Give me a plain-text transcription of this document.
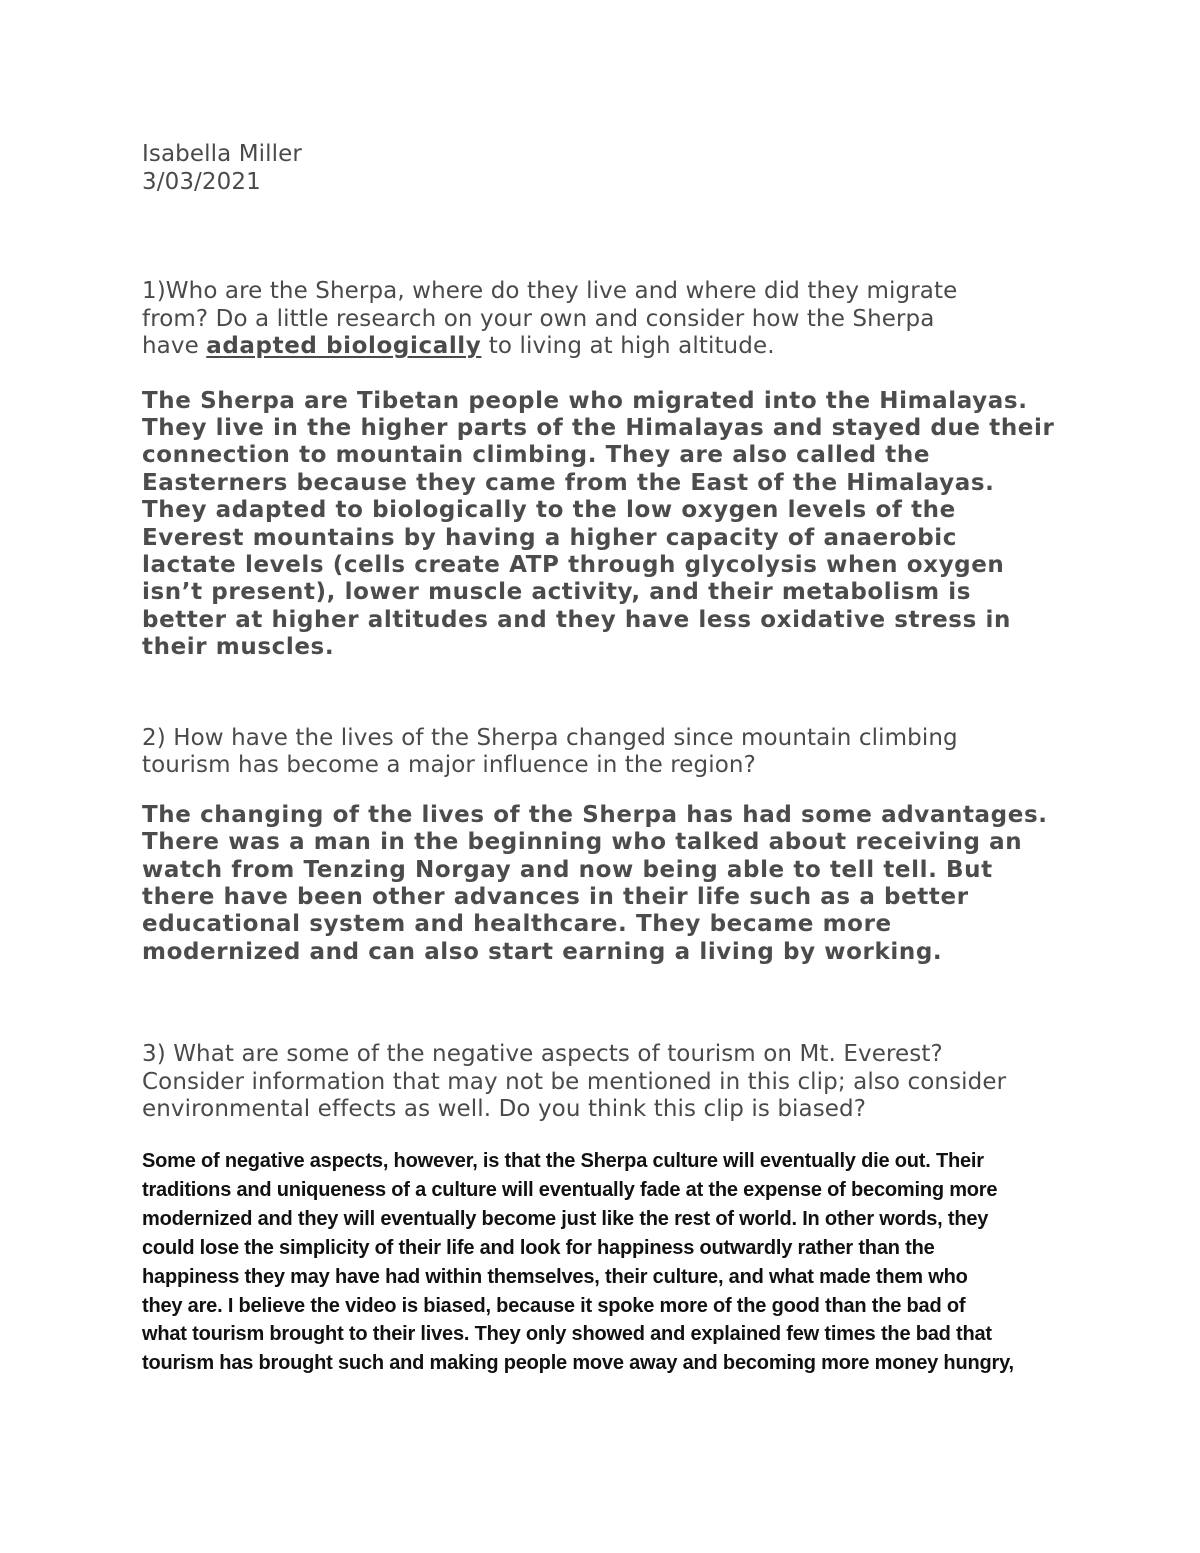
Isabella Miller
3/03/2021
1)Who are the Sherpa, where do they live and where did they migrate
from? Do a little research on your own and consider how the Sherpa
have adapted biologically to living at high altitude.
The Sherpa are Tibetan people who migrated into the Himalayas.
They live in the higher parts of the Himalayas and stayed due their
connection to mountain climbing. They are also called the
Easterners because they came from the East of the Himalayas.
They adapted to biologically to the low oxygen levels of the
Everest mountains by having a higher capacity of anaerobic
lactate levels (cells create ATP through glycolysis when oxygen
isn’t present), lower muscle activity, and their metabolism is
better at higher altitudes and they have less oxidative stress in
their muscles.
2) How have the lives of the Sherpa changed since mountain climbing
tourism has become a major influence in the region?
The changing of the lives of the Sherpa has had some advantages.
There was a man in the beginning who talked about receiving an
watch from Tenzing Norgay and now being able to tell tell. But
there have been other advances in their life such as a better
educational system and healthcare. They became more
modernized and can also start earning a living by working.
3) What are some of the negative aspects of tourism on Mt. Everest?
Consider information that may not be mentioned in this clip; also consider
environmental effects as well. Do you think this clip is biased?
Some of negative aspects, however, is that the Sherpa culture will eventually die out. Their
traditions and uniqueness of a culture will eventually fade at the expense of becoming more
modernized and they will eventually become just like the rest of world. In other words, they
could lose the simplicity of their life and look for happiness outwardly rather than the
happiness they may have had within themselves, their culture, and what made them who
they are. I believe the video is biased, because it spoke more of the good than the bad of
what tourism brought to their lives. They only showed and explained few times the bad that
tourism has brought such and making people move away and becoming more money hungry,
